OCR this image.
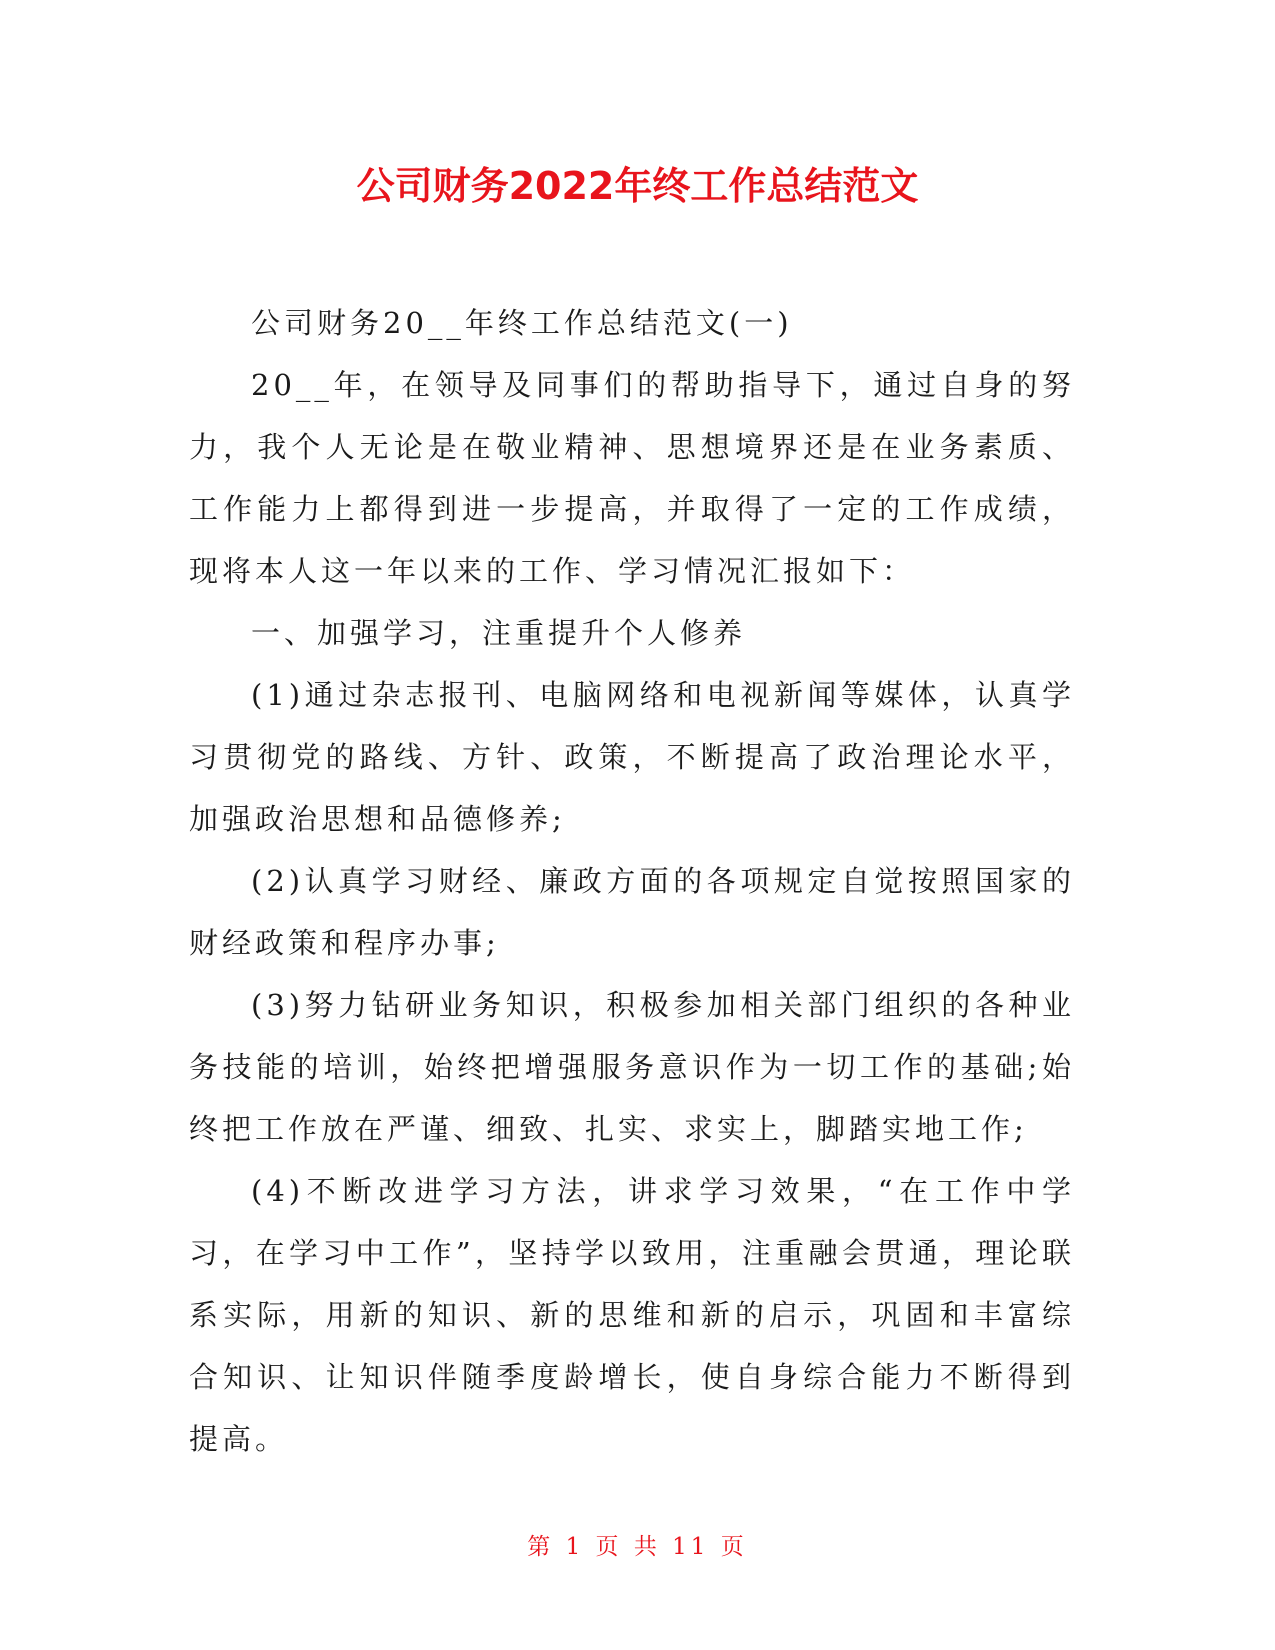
公司财务2022年终工作总结范文

公司财务20__年终工作总结范文(一)

20__年，在领导及同事们的帮助指导下，通过自身的努力，我个人无论是在敬业精神、思想境界还是在业务素质、工作能力上都得到进一步提高，并取得了一定的工作成绩，现将本人这一年以来的工作、学习情况汇报如下：

一、加强学习，注重提升个人修养

(1)通过杂志报刊、电脑网络和电视新闻等媒体，认真学习贯彻党的路线、方针、政策，不断提高了政治理论水平，加强政治思想和品德修养;

(2)认真学习财经、廉政方面的各项规定自觉按照国家的财经政策和程序办事;

(3)努力钻研业务知识，积极参加相关部门组织的各种业务技能的培训，始终把增强服务意识作为一切工作的基础;始终把工作放在严谨、细致、扎实、求实上，脚踏实地工作;

(4)不断改进学习方法，讲求学习效果，“在工作中学习，在学习中工作”，坚持学以致用，注重融会贯通，理论联系实际，用新的知识、新的思维和新的启示，巩固和丰富综合知识、让知识伴随季度龄增长，使自身综合能力不断得到提高。

第 1 页 共 11 页
